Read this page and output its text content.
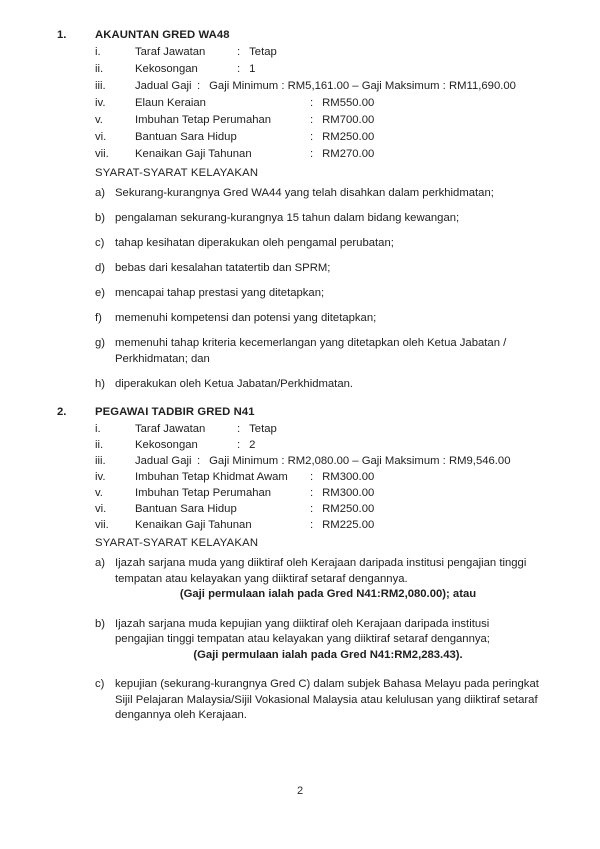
1.	AKAUNTAN GRED WA48
i.	Taraf Jawatan	: Tetap
ii.	Kekosongan	: 1
iii.	Jadual Gaji : Gaji Minimum : RM5,161.00 – Gaji Maksimum : RM11,690.00
iv.	Elaun Keraian	: RM550.00
v.	Imbuhan Tetap Perumahan	: RM700.00
vi.	Bantuan Sara Hidup	: RM250.00
vii.	Kenaikan Gaji Tahunan	: RM270.00
SYARAT-SYARAT KELAYAKAN
a) Sekurang-kurangnya Gred WA44 yang telah disahkan dalam perkhidmatan;
b) pengalaman sekurang-kurangnya 15 tahun dalam bidang kewangan;
c) tahap kesihatan diperakukan oleh pengamal perubatan;
d) bebas dari kesalahan tatatertib dan SPRM;
e) mencapai tahap prestasi yang ditetapkan;
f)	memenuhi kompetensi dan potensi yang ditetapkan;
g) memenuhi tahap kriteria kecemerlangan yang ditetapkan oleh Ketua Jabatan / Perkhidmatan; dan
h) diperakukan oleh Ketua Jabatan/Perkhidmatan.
2.	PEGAWAI TADBIR GRED N41
i.	Taraf Jawatan	: Tetap
ii.	Kekosongan	: 2
iii.	Jadual Gaji : Gaji Minimum : RM2,080.00 – Gaji Maksimum : RM9,546.00
iv.	Imbuhan Tetap Khidmat Awam	: RM300.00
v.	Imbuhan Tetap Perumahan	: RM300.00
vi.	Bantuan Sara Hidup	: RM250.00
vii.	Kenaikan Gaji Tahunan	: RM225.00
SYARAT-SYARAT KELAYAKAN
a) Ijazah sarjana muda yang diiktiraf oleh Kerajaan daripada institusi pengajian tinggi tempatan atau kelayakan yang diiktiraf setaraf dengannya.
(Gaji permulaan ialah pada Gred N41:RM2,080.00); atau
b) Ijazah sarjana muda kepujian yang diiktiraf oleh Kerajaan daripada institusi pengajian tinggi tempatan atau kelayakan yang diiktiraf setaraf dengannya;
(Gaji permulaan ialah pada Gred N41:RM2,283.43).
c) kepujian (sekurang-kurangnya Gred C) dalam subjek Bahasa Melayu pada peringkat Sijil Pelajaran Malaysia/Sijil Vokasional Malaysia atau kelulusan yang diiktiraf setaraf dengannya oleh Kerajaan.
2
